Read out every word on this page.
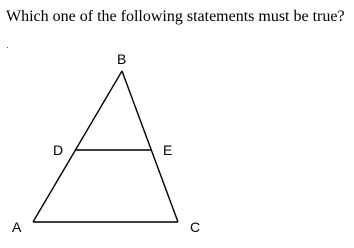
Which one of the following statements must be true?
B
D	E
A	C
